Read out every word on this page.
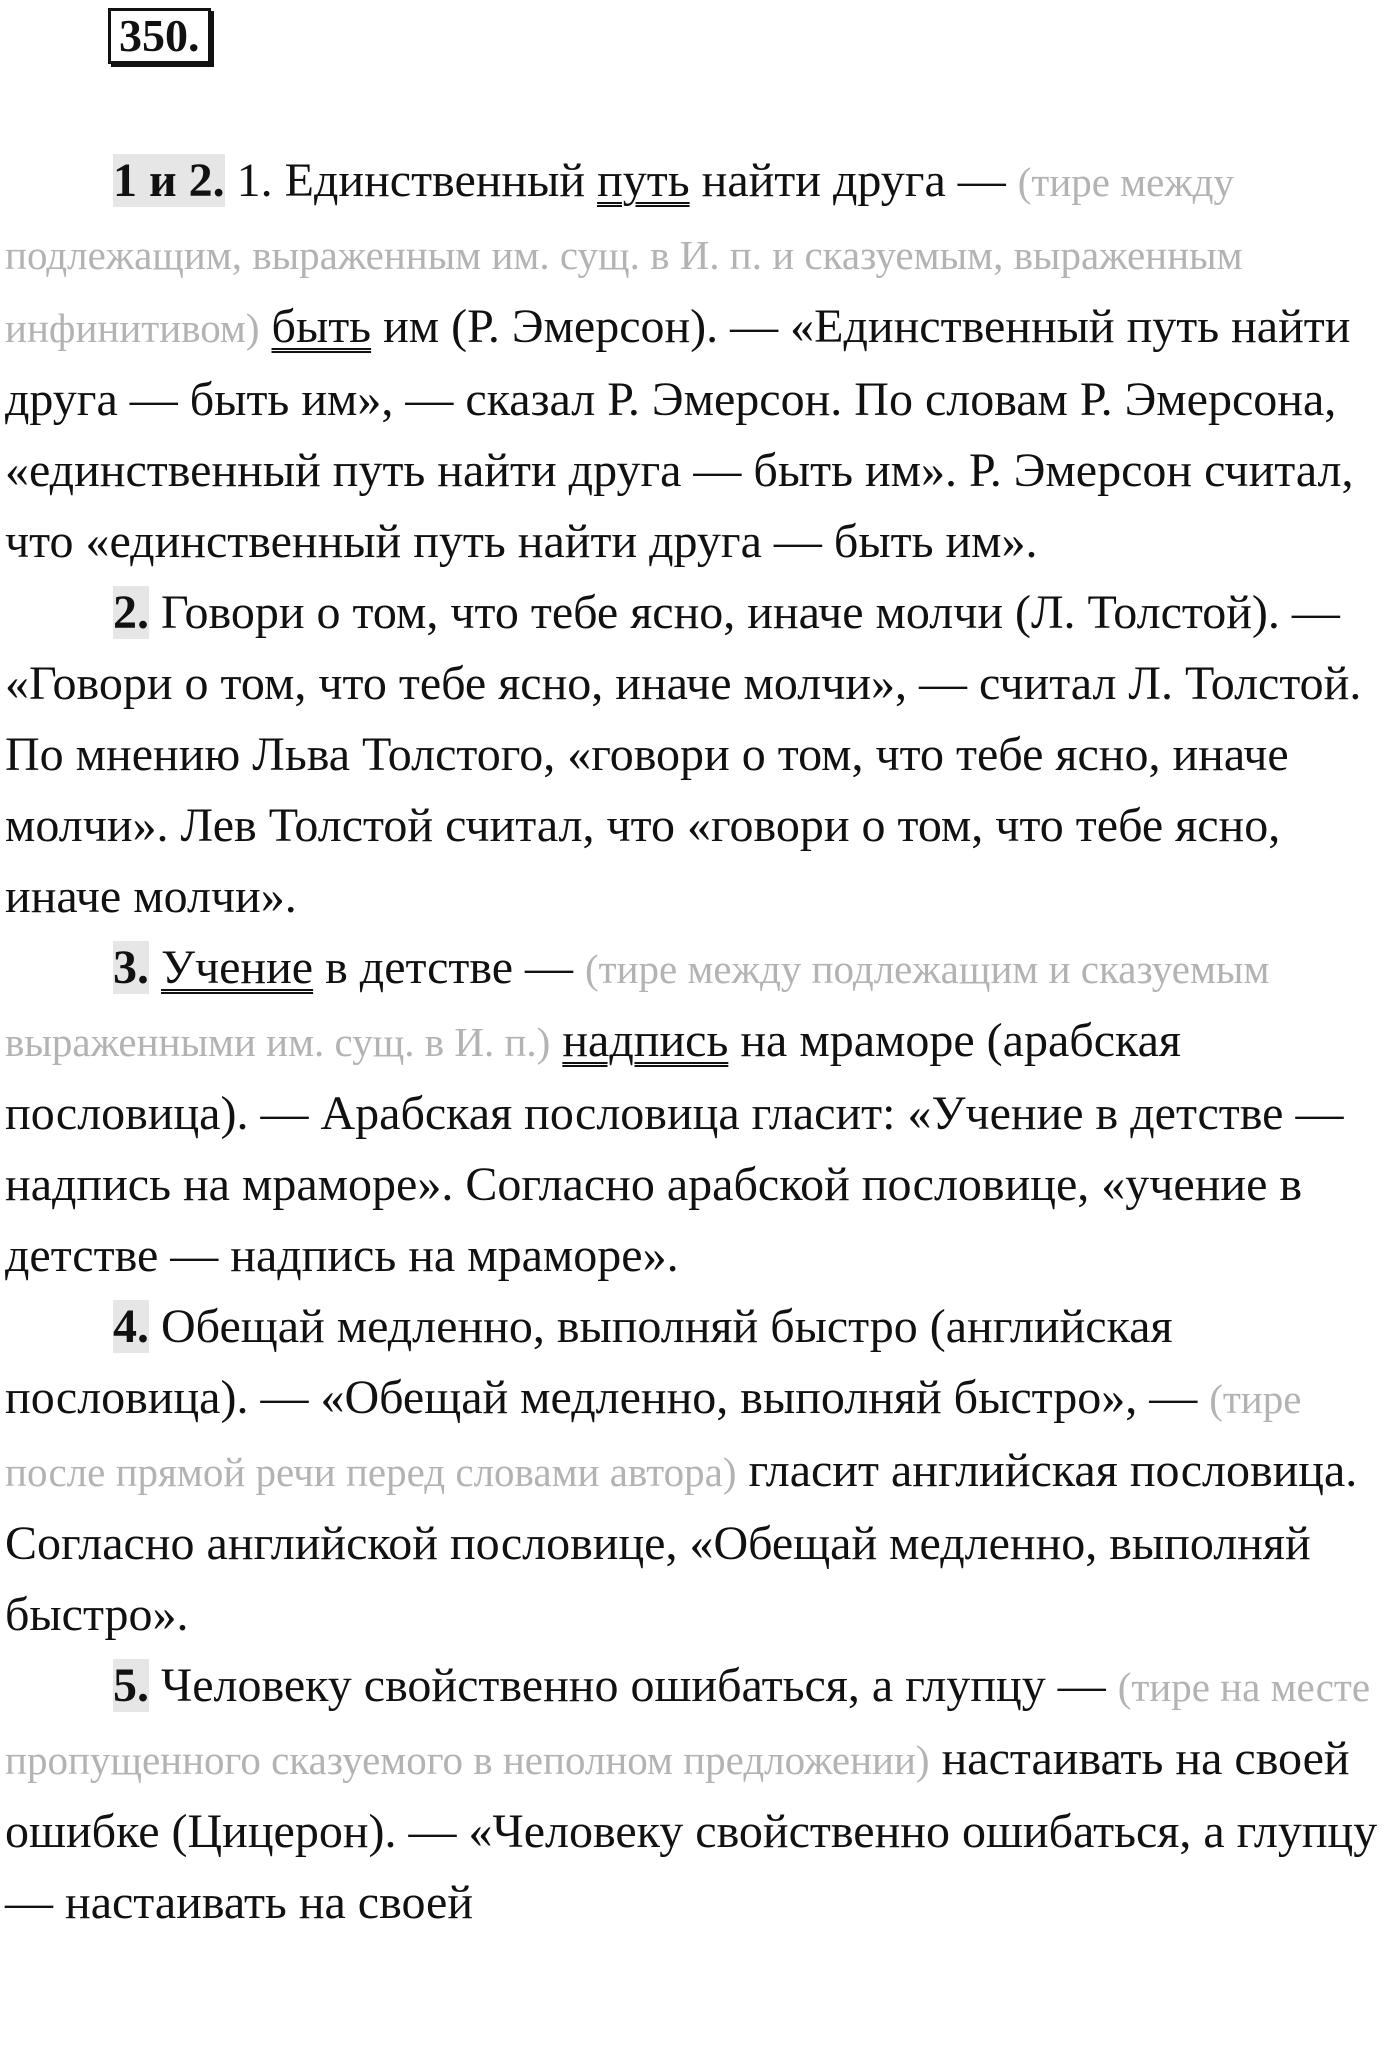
350.

1 и 2. 1. Единственный путь найти друга — (тире между подлежащим, выраженным им. сущ. в И. п. и сказуемым, выраженным инфинитивом) быть им (Р. Эмерсон). — «Единственный путь найти друга — быть им», — сказал Р. Эмерсон. По словам Р. Эмерсона, «единственный путь найти друга — быть им». Р. Эмерсон считал, что «единственный путь найти друга — быть им».

2. Говори о том, что тебе ясно, иначе молчи (Л. Толстой). — «Говори о том, что тебе ясно, иначе молчи», — считал Л. Толстой. По мнению Льва Толстого, «говори о том, что тебе ясно, иначе молчи». Лев Толстой считал, что «говори о том, что тебе ясно, иначе молчи».

3. Учение в детстве — (тире между подлежащим и сказуемым выраженными им. сущ. в И. п.) надпись на мраморе (арабская пословица). — Арабская пословица гласит: «Учение в детстве — надпись на мраморе». Согласно арабской пословице, «учение в детстве — надпись на мраморе».

4. Обещай медленно, выполняй быстро (английская пословица). — «Обещай медленно, выполняй быстро», — (тире после прямой речи перед словами автора) гласит английская пословица. Согласно английской пословице, «Обещай медленно, выполняй быстро».

5. Человеку свойственно ошибаться, а глупцу — (тире на месте пропущенного сказуемого в неполном предложении) настаивать на своей ошибке (Цицерон). — «Человеку свойственно ошибаться, а глупцу — настаивать на своей
